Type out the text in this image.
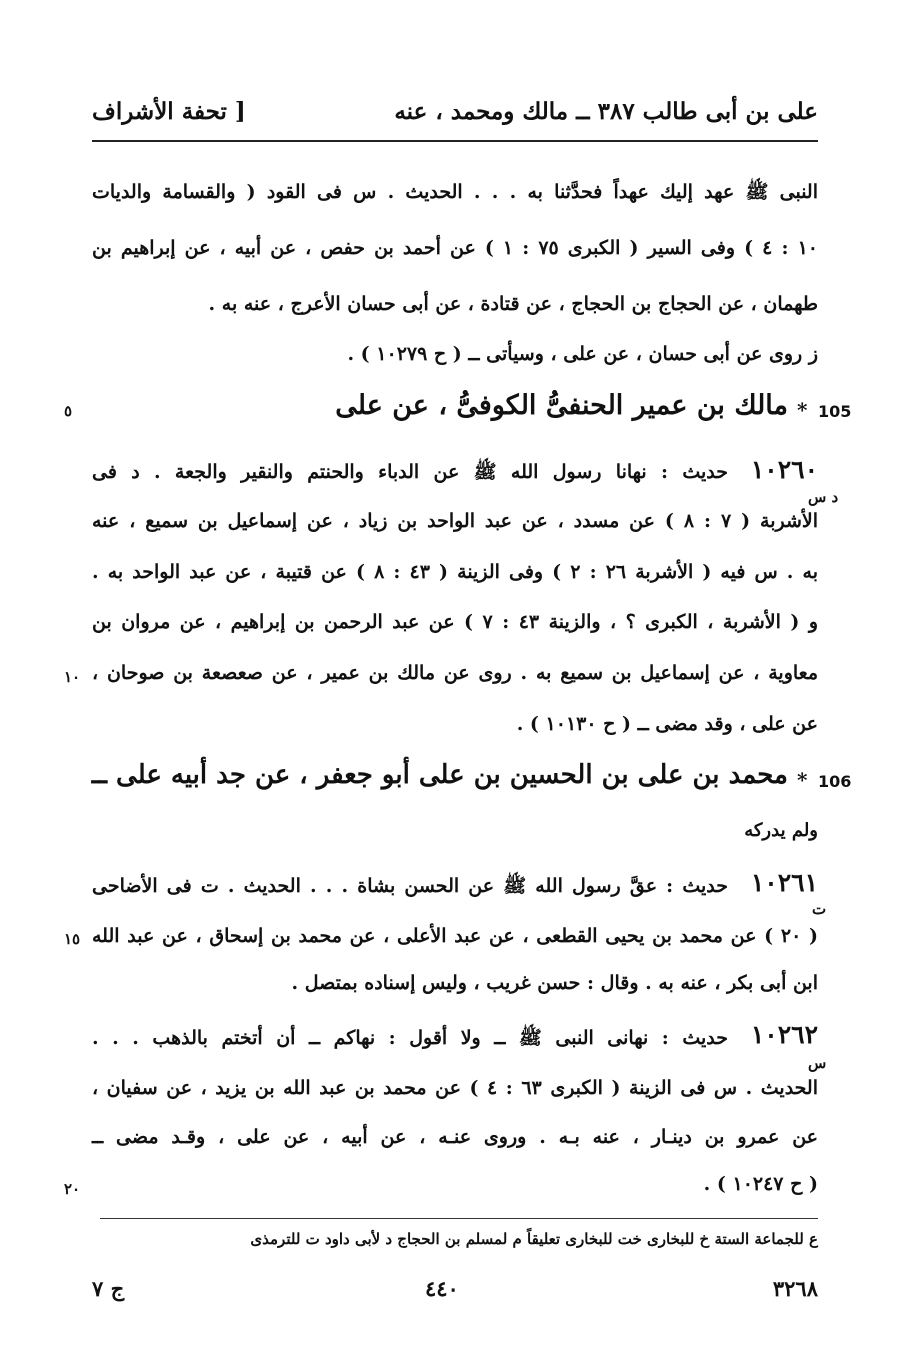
على بن أبى طالب ٣٨٧ ــ مالك ومحمد ، عنه
[ تحفة الأشراف
النبى ﷺ عهد إليك عهداً فحدَّثنا به . . . الحديث . س فى القود ( والقسامة والديات
١٠ : ٤ ) وفى السير ( الكبرى ٧٥ : ١ ) عن أحمد بن حفص ، عن أبيه ، عن إبراهيم بن
طهمان ، عن الحجاج بن الحجاج ، عن قتادة ، عن أبى حسان الأعرج ، عنه به .
ز روى عن أبى حسان ، عن على ، وسيأتى ــ ( ح ١٠٢٧٩ ) .
105
*
مالك بن عمير الحنفىُّ الكوفىُّ ، عن على
٥
١٠٢٦٠
حديث : نهانا رسول الله ﷺ عن الدباء والحنتم والنقير والجعة . د فى
د س
الأشربة ( ٧ : ٨ ) عن مسدد ، عن عبد الواحد بن زياد ، عن إسماعيل بن سميع ، عنه
به . س فيه ( الأشربة ٢٦ : ٢ ) وفى الزينة ( ٤٣ : ٨ ) عن قتيبة ، عن عبد الواحد به .
و ( الأشربة ، الكبرى ؟ ، والزينة ٤٣ : ٧ ) عن عبد الرحمن بن إبراهيم ، عن مروان بن
معاوية ، عن إسماعيل بن سميع به . روى عن مالك بن عمير ، عن صعصعة بن صوحان ،
١٠
عن على ، وقد مضى ــ ( ح ١٠١٣٠ ) .
106
*
محمد بن على بن الحسين بن على أبو جعفر ، عن جد أبيه على ــ
ولم يدركه
١٠٢٦١
حديث : عقَّ رسول الله ﷺ عن الحسن بشاة . . . الحديث . ت فى الأضاحى
ت
( ٢٠ ) عن محمد بن يحيى القطعى ، عن عبد الأعلى ، عن محمد بن إسحاق ، عن عبد الله
١٥
ابن أبى بكر ، عنه به . وقال : حسن غريب ، وليس إسناده بمتصل .
١٠٢٦٢
حديث : نهانى النبى ﷺ ــ ولا أقول : نهاكم ــ أن أتختم بالذهب . . .
س
الحديث . س فى الزينة ( الكبرى ٦٣ : ٤ ) عن محمد بن عبد الله بن يزيد ، عن سفيان ،
عن عمرو بن دينـار ، عنه بـه . وروى عنـه ، عن أبيه ، عن على ، وقـد مضى ــ
( ح ١٠٢٤٧ ) .
٢٠
ع للجماعة الستة خ للبخارى خت للبخارى تعليقاً م لمسلم بن الحجاج د لأبى داود ت للترمذى
٣٢٦٨
٤٤٠
ج ٧
